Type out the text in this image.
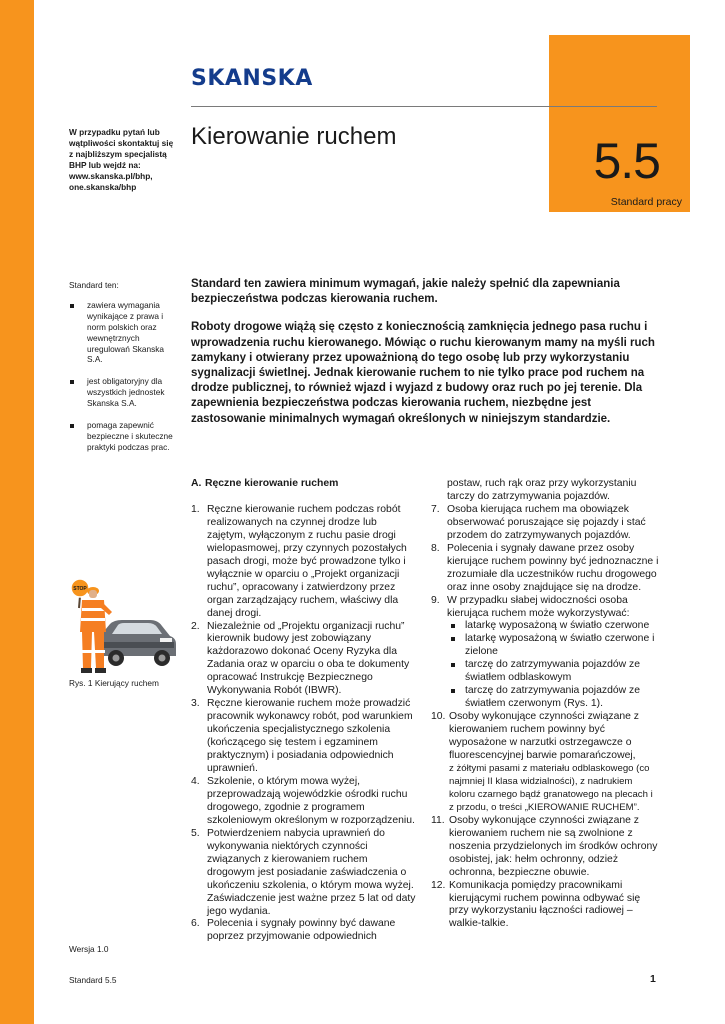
5.5
Standard pracy
SKANSKA
W przypadku pytań lub wątpliwości skontaktuj się z najbliższym specjalistą BHP lub wejdź na: www.skanska.pl/bhp, one.skanska/bhp
Kierowanie ruchem
Standard ten:
zawiera wymagania wynikające z prawa i norm polskich oraz wewnętrznych uregulowań Skanska S.A.
jest obligatoryjny dla wszystkich jednostek Skanska S.A.
pomaga zapewnić bezpieczne i skuteczne praktyki podczas prac.

Standard ten zawiera minimum wymagań, jakie należy spełnić dla zapewniania bezpieczeństwa podczas kierowania ruchem.

Roboty drogowe wiążą się często z koniecznością zamknięcia jednego pasa ruchu i wprowadzenia ruchu kierowanego. Mówiąc o ruchu kierowanym mamy na myśli ruch zamykany i otwierany przez upoważnioną do tego osobę lub przy wykorzystaniu sygnalizacji świetlnej. Jednak kierowanie ruchem to nie tylko prace pod ruchem na drodze publicznej, to również wjazd i wyjazd z budowy oraz ruch po jej terenie. Dla zapewnienia bezpieczeństwa podczas kierowania ruchem, niezbędne jest zastosowanie minimalnych wymagań określonych w niniejszym standardzie.

STOP
Rys. 1 Kierujący ruchem
A. Ręczne kierowanie ruchem
1. Ręczne kierowanie ruchem podczas robót realizowanych na czynnej drodze lub zajętym, wyłączonym z ruchu pasie drogi wielopasmowej, przy czynnych pozostałych pasach drogi, może być prowadzone tylko i wyłącznie w oparciu o „Projekt organizacji ruchu”, opracowany i zatwierdzony przez organ zarządzający ruchem, właściwy dla danej drogi.
2. Niezależnie od „Projektu organizacji ruchu” kierownik budowy jest zobowiązany każdorazowo dokonać Oceny Ryzyka dla Zadania oraz w oparciu o oba te dokumenty opracować Instrukcję Bezpiecznego Wykonywania Robót (IBWR).
3. Ręczne kierowanie ruchem może prowadzić pracownik wykonawcy robót, pod warunkiem ukończenia specjalistycznego szkolenia (kończącego się testem i egzaminem praktycznym) i posiadania odpowiednich uprawnień.
4. Szkolenie, o którym mowa wyżej, przeprowadzają wojewódzkie ośrodki ruchu drogowego, zgodnie z programem szkoleniowym określonym w rozporządzeniu.
5. Potwierdzeniem nabycia uprawnień do wykonywania niektórych czynności związanych z kierowaniem ruchem drogowym jest posiadanie zaświadczenia o ukończeniu szkolenia, o którym mowa wyżej. Zaświadczenie jest ważne przez 5 lat od daty jego wydania.
6. Polecenia i sygnały powinny być dawane poprzez przyjmowanie odpowiednich
postaw, ruch rąk oraz przy wykorzystaniu tarczy do zatrzymywania pojazdów.
7. Osoba kierująca ruchem ma obowiązek obserwować poruszające się pojazdy i stać przodem do zatrzymywanych pojazdów.
8. Polecenia i sygnały dawane przez osoby kierujące ruchem powinny być jednoznaczne i zrozumiałe dla uczestników ruchu drogowego oraz inne osoby znajdujące się na drodze.
9. W przypadku słabej widoczności osoba kierująca ruchem może wykorzystywać:
latarkę wyposażoną w światło czerwone
latarkę wyposażoną w światło czerwone i zielone
tarczę do zatrzymywania pojazdów ze światłem odblaskowym
tarczę do zatrzymywania pojazdów ze światłem czerwonym (Rys. 1).
10. Osoby wykonujące czynności związane z kierowaniem ruchem powinny być wyposażone w narzutki ostrzegawcze o fluorescencyjnej barwie pomarańczowej,
z żółtymi pasami z materiału odblaskowego (co najmniej II klasa widzialności), z nadrukiem koloru czarnego bądź granatowego na plecach i z przodu, o treści „KIEROWANIE RUCHEM”.
11. Osoby wykonujące czynności związane z kierowaniem ruchem nie są zwolnione z noszenia przydzielonych im środków ochrony osobistej, jak: hełm ochronny, odzież ochronna, bezpieczne obuwie.
12. Komunikacja pomiędzy pracownikami kierującymi ruchem powinna odbywać się przy wykorzystaniu łączności radiowej – walkie-talkie.
Wersja 1.0
Standard 5.5	1
